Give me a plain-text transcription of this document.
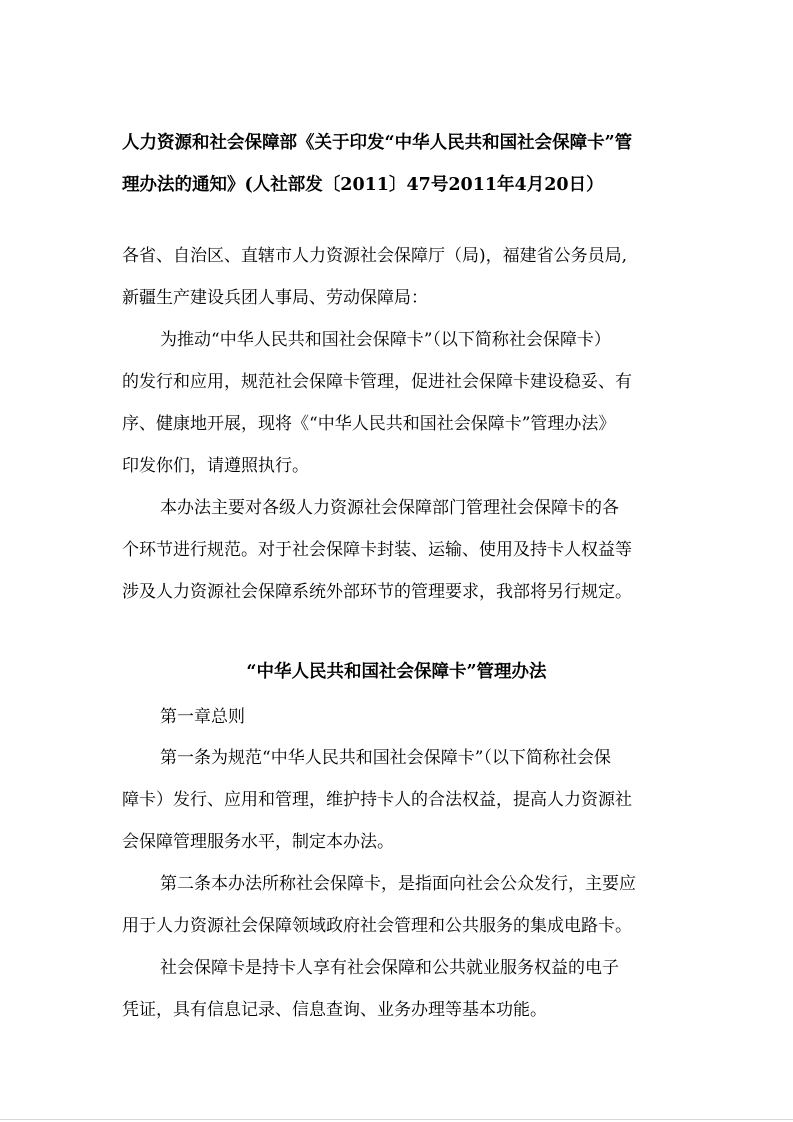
人力资源和社会保障部《关于印发“中华人民共和国社会保障卡”管
理办法的通知》(人社部发〔2011〕47号2011年4月20日）
各省、自治区、直辖市人力资源社会保障厅（局)，福建省公务员局,
新疆生产建设兵团人事局、劳动保障局：
为推动“中华人民共和国社会保障卡”（以下简称社会保障卡）
的发行和应用，规范社会保障卡管理，促进社会保障卡建设稳妥、有
序、健康地开展，现将《“中华人民共和国社会保障卡”管理办法》
印发你们，请遵照执行。
本办法主要对各级人力资源社会保障部门管理社会保障卡的各
个环节进行规范。对于社会保障卡封装、运输、使用及持卡人权益等
涉及人力资源社会保障系统外部环节的管理要求，我部将另行规定。
“中华人民共和国社会保障卡”管理办法
第一章总则
第一条为规范“中华人民共和国社会保障卡”（以下简称社会保
障卡）发行、应用和管理，维护持卡人的合法权益，提高人力资源社
会保障管理服务水平，制定本办法。
第二条本办法所称社会保障卡，是指面向社会公众发行，主要应
用于人力资源社会保障领域政府社会管理和公共服务的集成电路卡。
社会保障卡是持卡人享有社会保障和公共就业服务权益的电子
凭证，具有信息记录、信息查询、业务办理等基本功能。
